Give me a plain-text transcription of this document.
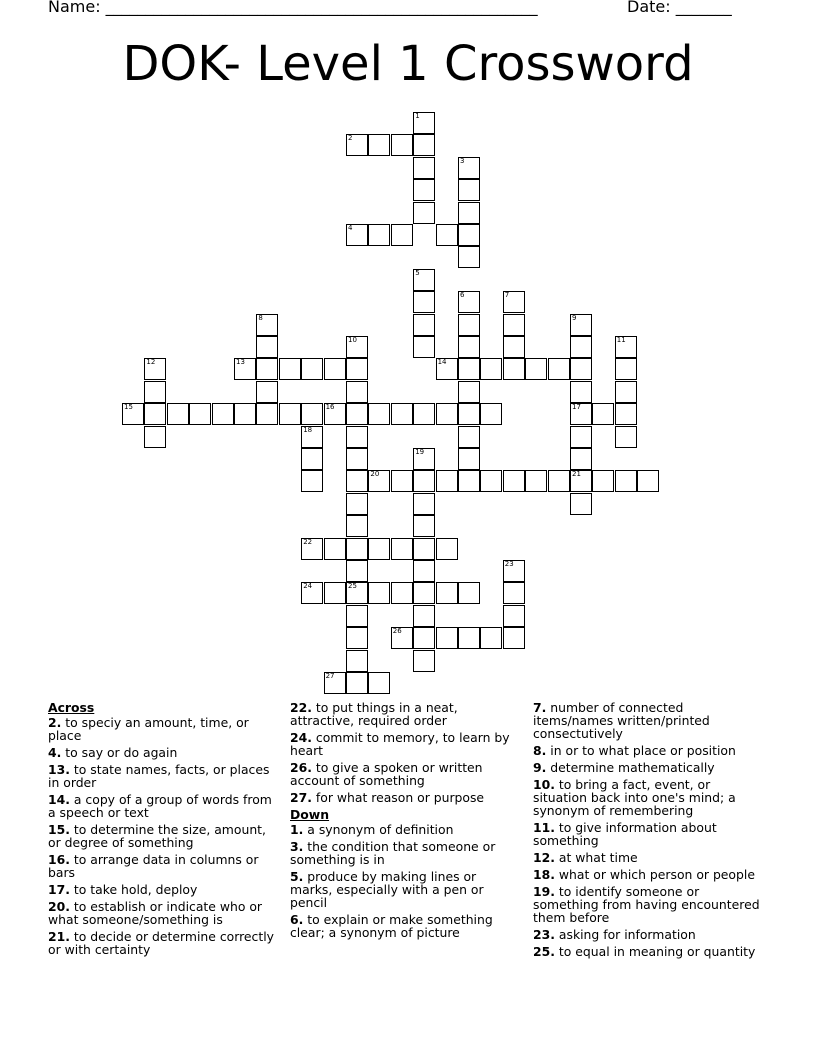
Name: ______________________________________________________	Date: _______
DOK- Level 1 Crossword
1
2
3
4
5
6	7
8	9
10	11
12	13	14
15	16	17
18
20	21
22
23
24
26
27
19
25
Across
2. to speciy an amount, time, or place
4. to say or do again
13. to state names, facts, or places in order
14. a copy of a group of words from a speech or text
15. to determine the size, amount, or degree of something
16. to arrange data in columns or bars
17. to take hold, deploy
20. to establish or indicate who or what someone/something is
21. to decide or determine correctly or with certainty
22. to put things in a neat, attractive, required order
24. commit to memory, to learn by heart
26. to give a spoken or written account of something
27. for what reason or purpose
Down
1. a synonym of definition
3. the condition that someone or something is in
5. produce by making lines or marks, especially with a pen or pencil
6. to explain or make something clear; a synonym of picture
7. number of connected items/names written/printed consectutively
8. in or to what place or position
9. determine mathematically
10. to bring a fact, event, or situation back into one's mind; a synonym of remembering
11. to give information about something
12. at what time
18. what or which person or people
19. to identify someone or something from having encountered them before
23. asking for information
25. to equal in meaning or quantity
